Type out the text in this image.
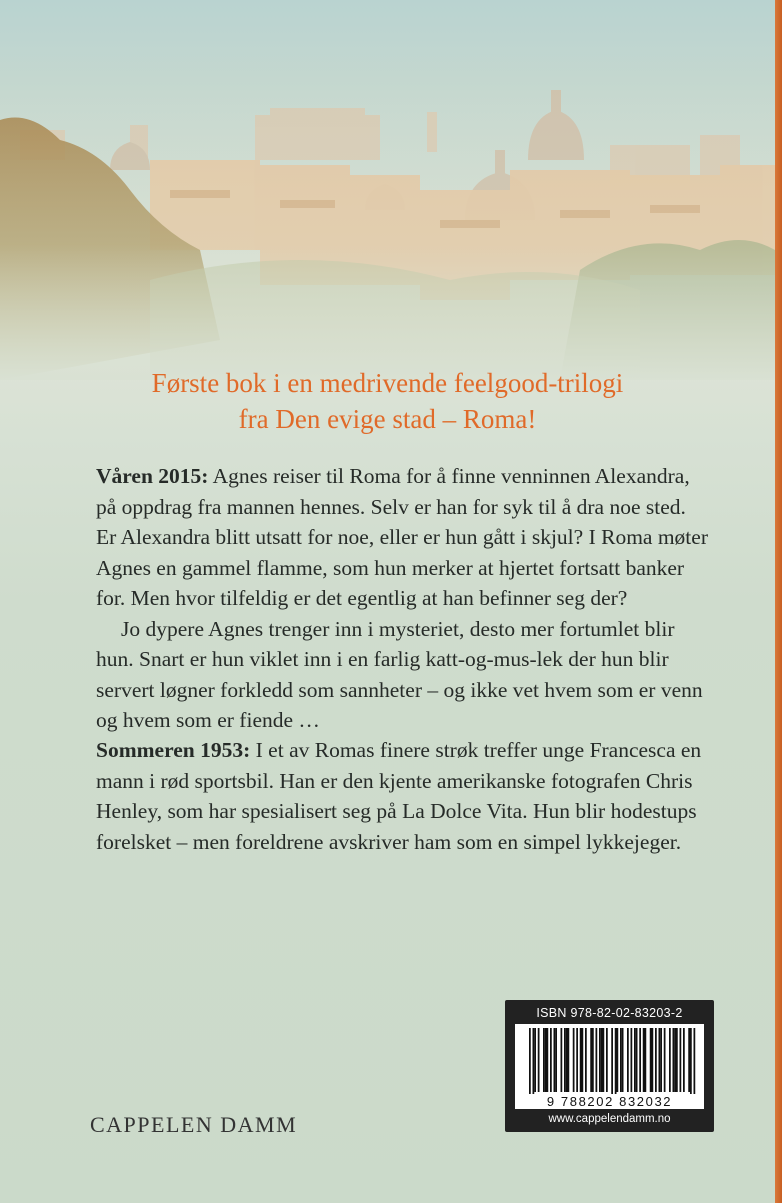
Første bok i en medrivende feelgood-trilogi
fra Den evige stad – Roma!
Våren 2015: Agnes reiser til Roma for å finne venninnen Alexandra,
på oppdrag fra mannen hennes. Selv er han for syk til å dra noe sted.
Er Alexandra blitt utsatt for noe, eller er hun gått i skjul? I Roma møter
Agnes en gammel flamme, som hun merker at hjertet fortsatt banker
for. Men hvor tilfeldig er det egentlig at han befinner seg der?
Jo dypere Agnes trenger inn i mysteriet, desto mer fortumlet blir
hun. Snart er hun viklet inn i en farlig katt-og-mus-lek der hun blir
servert løgner forkledd som sannheter – og ikke vet hvem som er venn
og hvem som er fiende …
Sommeren 1953: I et av Romas finere strøk treffer unge Francesca en
mann i rød sportsbil. Han er den kjente amerikanske fotografen Chris
Henley, som har spesialisert seg på La Dolce Vita. Hun blir hodestups
forelsket – men foreldrene avskriver ham som en simpel lykkejeger.
CAPPELEN DAMM
ISBN 978-82-02-83203-2
9 788202 832032
www.cappelendamm.no
